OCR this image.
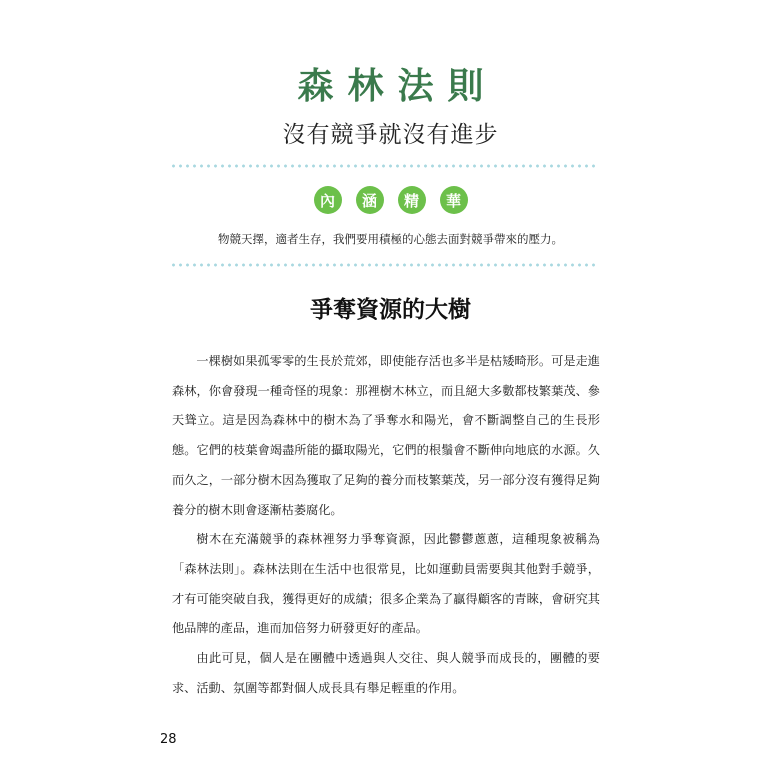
森林法則
沒有競爭就沒有進步
內	涵	精	華
物競天擇，適者生存，我們要用積極的心態去面對競爭帶來的壓力。
爭奪資源的大樹

一棵樹如果孤零零的生長於荒郊，即使能存活也多半是枯矮畸形。可是走進森林，你會發現一種奇怪的現象：那裡樹木林立，而且絕大多數都枝繁葉茂、參天聳立。這是因為森林中的樹木為了爭奪水和陽光，會不斷調整自己的生長形態。它們的枝葉會竭盡所能的攝取陽光，它們的根鬚會不斷伸向地底的水源。久而久之，一部分樹木因為獲取了足夠的養分而枝繁葉茂，另一部分沒有獲得足夠養分的樹木則會逐漸枯萎腐化。

樹木在充滿競爭的森林裡努力爭奪資源，因此鬱鬱蔥蔥，這種現象被稱為「森林法則」。森林法則在生活中也很常見，比如運動員需要與其他對手競爭，才有可能突破自我，獲得更好的成績；很多企業為了贏得顧客的青睞，會研究其他品牌的產品，進而加倍努力研發更好的產品。

由此可見，個人是在團體中透過與人交往、與人競爭而成長的，團體的要求、活動、氛圍等都對個人成長具有舉足輕重的作用。

28
